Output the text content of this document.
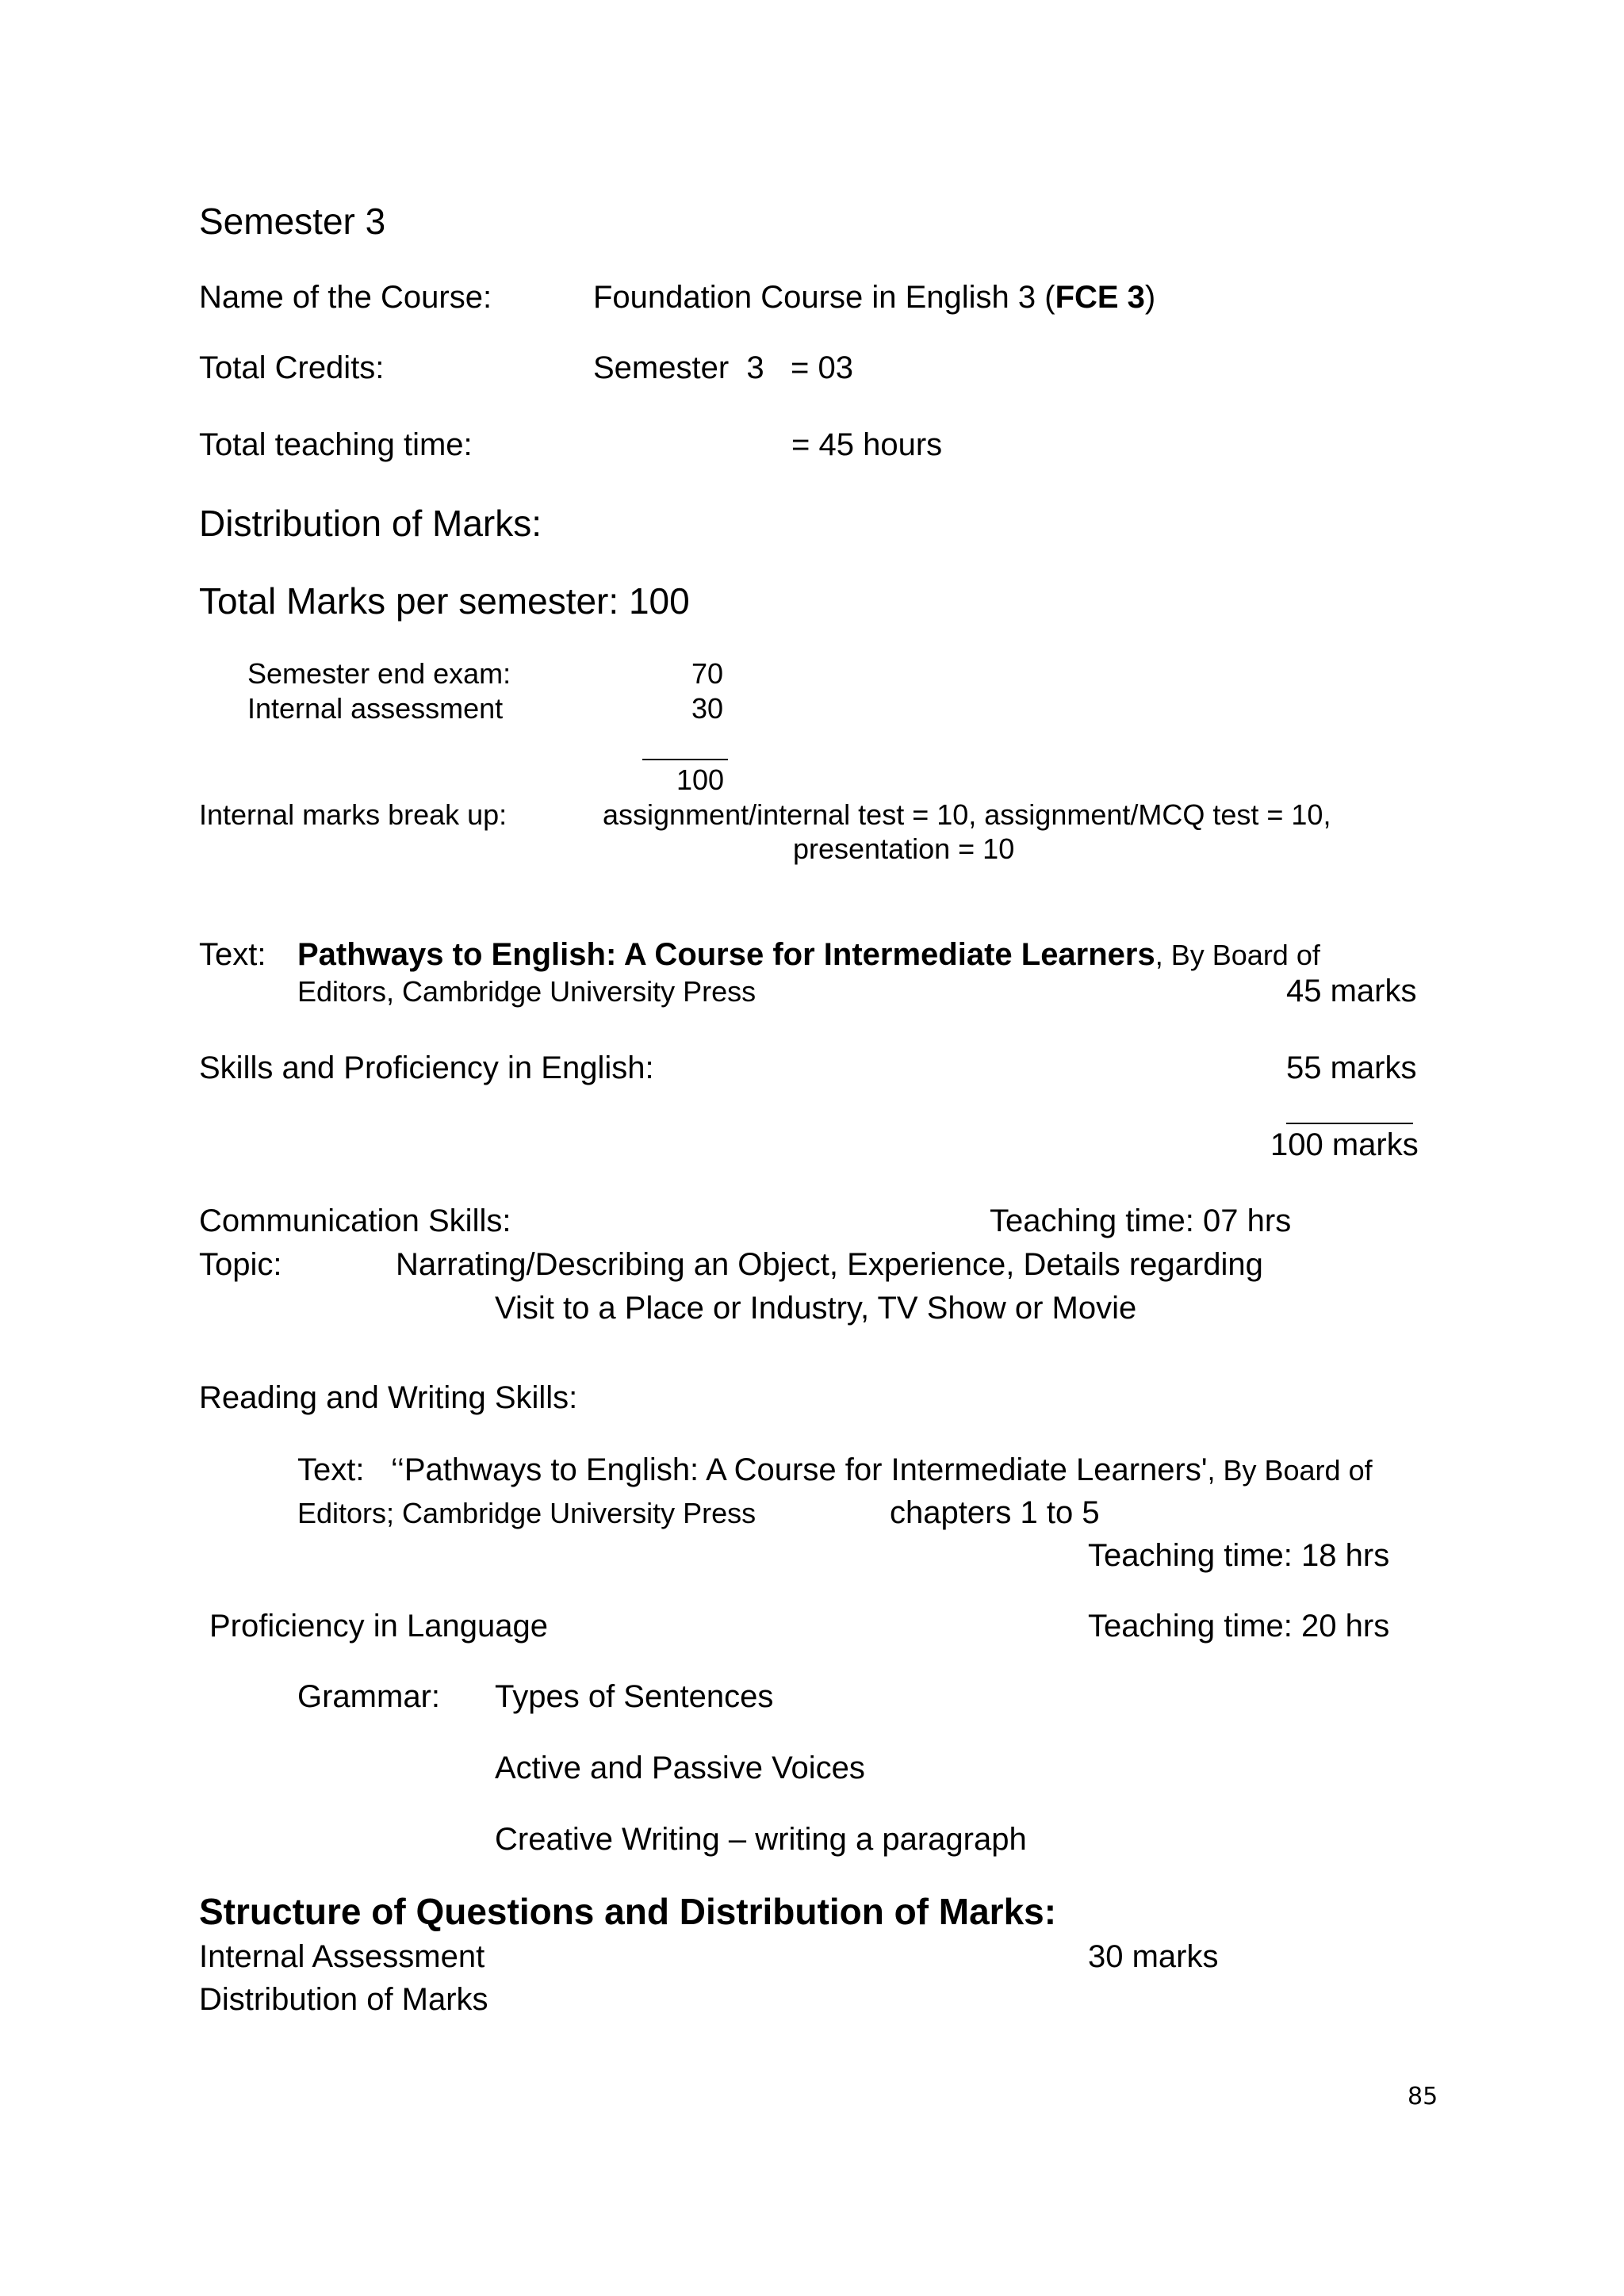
Semester 3
Name of the Course:	Foundation Course in English 3 (FCE 3)
Total Credits:	Semester  3   = 03
Total teaching time:	= 45 hours
Distribution of Marks:
Total Marks per semester: 100
Semester end exam:	70
Internal assessment	30
100
Internal marks break up:	assignment/internal test = 10, assignment/MCQ test = 10,
presentation = 10
Text: Pathways to English: A Course for Intermediate Learners, By Board of
Editors, Cambridge University Press	45 marks
Skills and Proficiency in English:	55 marks
100 marks
Communication Skills:	Teaching time: 07 hrs
Topic:	Narrating/Describing an Object, Experience, Details regarding
Visit to a Place or Industry, TV Show or Movie
Reading and Writing Skills:
Text:   ‘‘Pathways to English: A Course for Intermediate Learners', By Board of
Editors; Cambridge University Press	chapters 1 to 5
Teaching time: 18 hrs
Proficiency in Language	Teaching time: 20 hrs
Grammar: Types of Sentences
Active and Passive Voices
Creative Writing – writing a paragraph
Structure of Questions and Distribution of Marks:
Internal Assessment	30 marks
Distribution of Marks
85
